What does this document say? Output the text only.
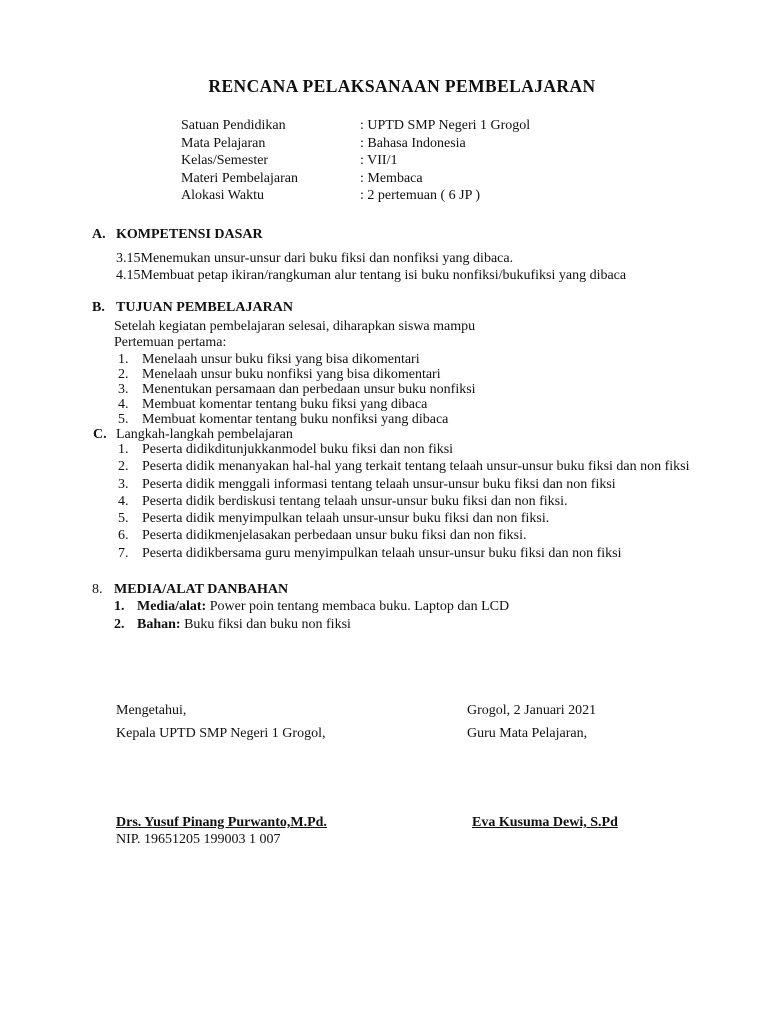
RENCANA PELAKSANAAN PEMBELAJARAN
Satuan Pendidikan	: UPTD SMP Negeri 1 Grogol
Mata Pelajaran	: Bahasa Indonesia
Kelas/Semester	: VII/1
Materi Pembelajaran	: Membaca
Alokasi Waktu	: 2 pertemuan ( 6 JP )
A. KOMPETENSI DASAR
3.15Menemukan unsur-unsur dari buku fiksi dan nonfiksi yang dibaca.
4.15Membuat petap ikiran/rangkuman alur tentang isi buku nonfiksi/bukufiksi yang dibaca
B. TUJUAN PEMBELAJARAN
Setelah kegiatan pembelajaran selesai, diharapkan siswa mampu
Pertemuan pertama:
1. Menelaah unsur buku fiksi yang bisa dikomentari
2. Menelaah unsur buku nonfiksi yang bisa dikomentari
3. Menentukan persamaan dan perbedaan unsur buku nonfiksi
4. Membuat komentar tentang buku fiksi yang dibaca
5. Membuat komentar tentang buku nonfiksi yang dibaca
C. Langkah-langkah pembelajaran
1. Peserta didikditunjukkanmodel buku fiksi dan non fiksi
2. Peserta didik menanyakan hal-hal yang terkait tentang telaah unsur-unsur buku fiksi dan non fiksi
3. Peserta didik menggali informasi tentang telaah unsur-unsur buku fiksi dan non fiksi
4. Peserta didik berdiskusi tentang telaah unsur-unsur buku fiksi dan non fiksi.
5. Peserta didik menyimpulkan telaah unsur-unsur buku fiksi dan non fiksi.
6. Peserta didikmenjelasakan perbedaan unsur buku fiksi dan non fiksi.
7. Peserta didikbersama guru menyimpulkan telaah unsur-unsur buku fiksi dan non fiksi
8. MEDIA/ALAT DANBAHAN
1. Media/alat: Power poin tentang membaca buku. Laptop dan LCD
2. Bahan: Buku fiksi dan buku non fiksi
Mengetahui,
Kepala UPTD SMP Negeri 1 Grogol,
Drs. Yusuf Pinang Purwanto,M.Pd.
NIP. 19651205 199003 1 007
Grogol, 2 Januari 2021
Guru Mata Pelajaran,
Eva Kusuma Dewi, S.Pd
